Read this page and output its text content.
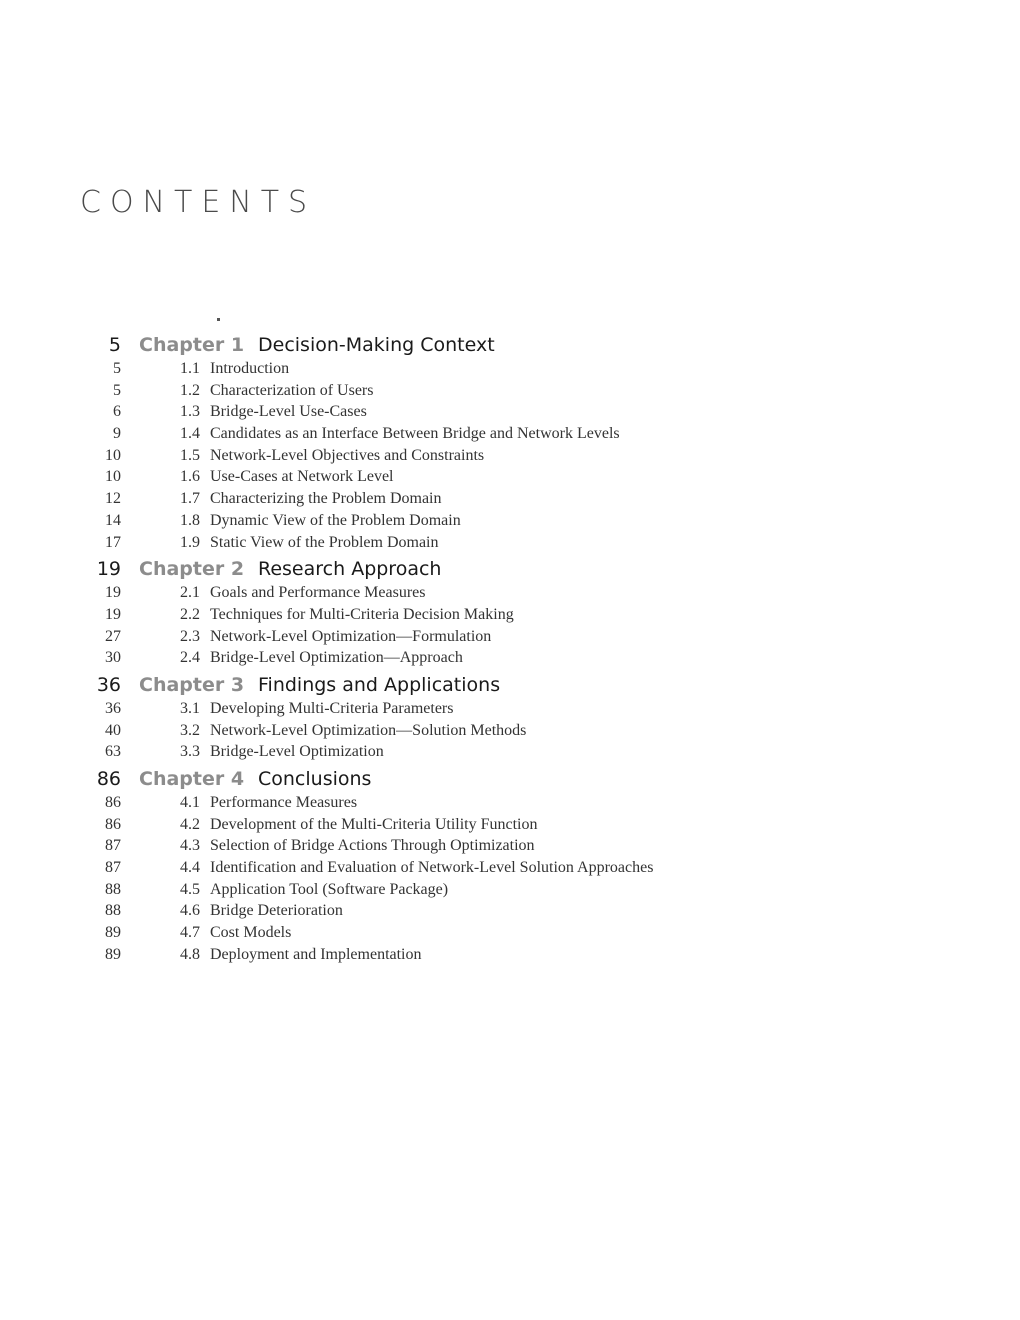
CONTENTS
5 Chapter 1 Decision-Making Context
5	1.1 Introduction
5	1.2 Characterization of Users
6	1.3 Bridge-Level Use-Cases
9	1.4 Candidates as an Interface Between Bridge and Network Levels
10	1.5 Network-Level Objectives and Constraints
10	1.6 Use-Cases at Network Level
12	1.7 Characterizing the Problem Domain
14	1.8 Dynamic View of the Problem Domain
17	1.9 Static View of the Problem Domain
19 Chapter 2 Research Approach
19	2.1 Goals and Performance Measures
19	2.2 Techniques for Multi-Criteria Decision Making
27	2.3 Network-Level Optimization—Formulation
30	2.4 Bridge-Level Optimization—Approach
36 Chapter 3 Findings and Applications
36	3.1 Developing Multi-Criteria Parameters
40	3.2 Network-Level Optimization—Solution Methods
63	3.3 Bridge-Level Optimization
86 Chapter 4 Conclusions
86	4.1 Performance Measures
86	4.2 Development of the Multi-Criteria Utility Function
87	4.3 Selection of Bridge Actions Through Optimization
87	4.4 Identification and Evaluation of Network-Level Solution Approaches
88	4.5 Application Tool (Software Package)
88	4.6 Bridge Deterioration
89	4.7 Cost Models
89	4.8 Deployment and Implementation
